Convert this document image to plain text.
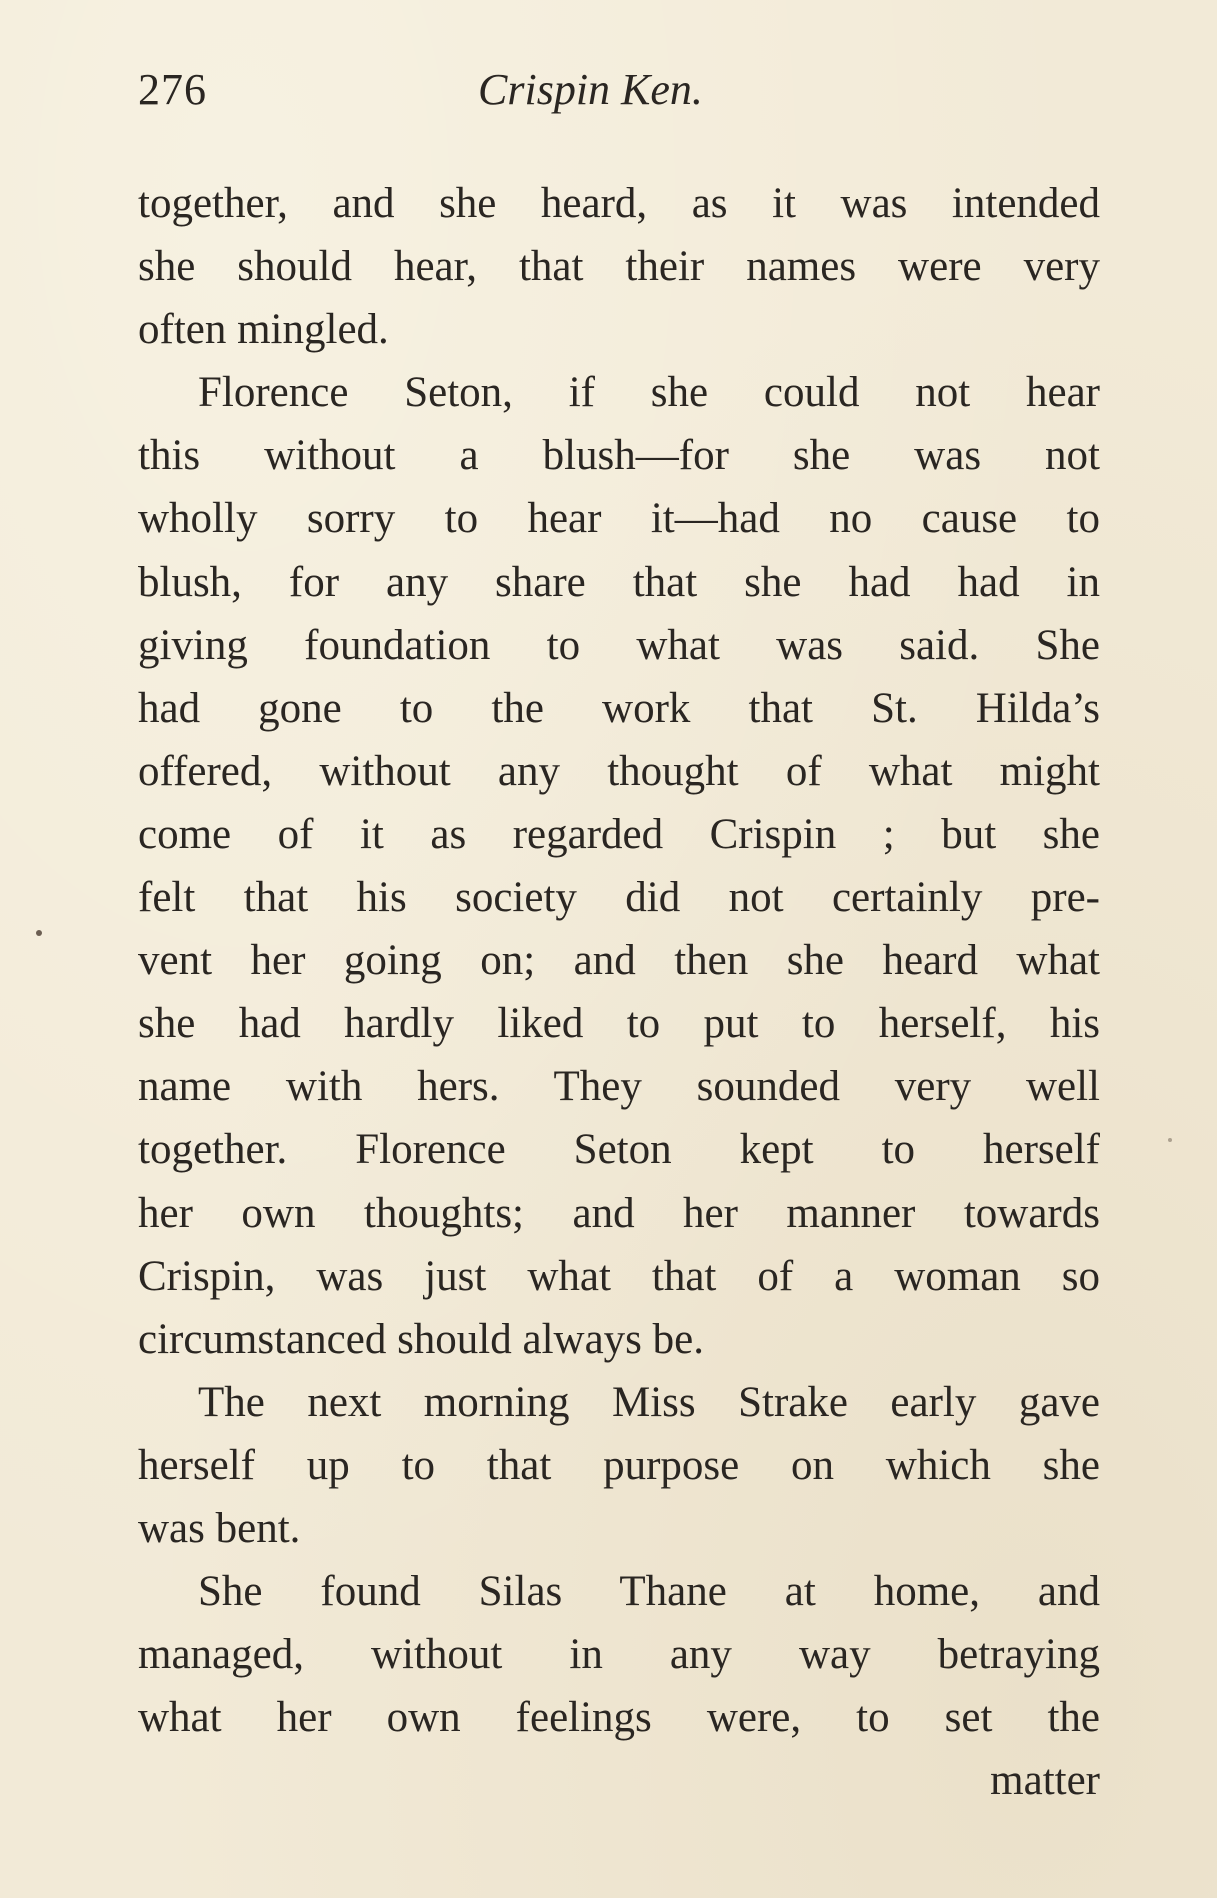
276	Crispin Ken.
together, and she heard, as it was intended
she should hear, that their names were very
often mingled.
Florence Seton, if she could not hear
this without a blush—for she was not
wholly sorry to hear it—had no cause to
blush, for any share that she had had in
giving foundation to what was said. She
had gone to the work that St. Hilda’s
offered, without any thought of what might
come of it as regarded Crispin ; but she
felt that his society did not certainly pre-
vent her going on; and then she heard what
she had hardly liked to put to herself, his
name with hers. They sounded very well
together. Florence Seton kept to herself
her own thoughts; and her manner towards
Crispin, was just what that of a woman so
circumstanced should always be.
The next morning Miss Strake early gave
herself up to that purpose on which she
was bent.
She found Silas Thane at home, and
managed, without in any way betraying
what her own feelings were, to set the
matter
